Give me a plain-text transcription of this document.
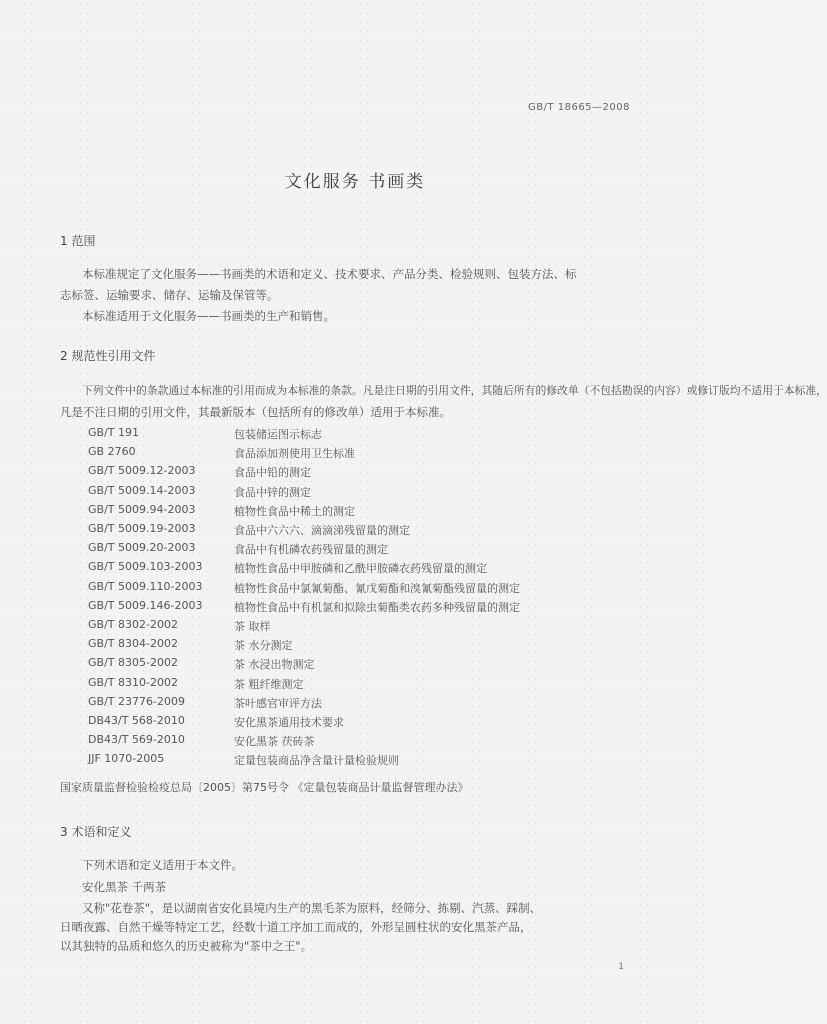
GB/T 18665—2008
文化服务 书画类
1 范围
本标准规定了文化服务——书画类的术语和定义、技术要求、产品分类、检验规则、包装方法、标
志标签、运输要求、储存、运输及保管等。
本标准适用于文化服务——书画类的生产和销售。
2 规范性引用文件
下列文件中的条款通过本标准的引用而成为本标准的条款。凡是注日期的引用文件，其随后所有的修改单（不包括勘误的内容）或修订版均不适用于本标准，
凡是不注日期的引用文件，其最新版本（包括所有的修改单）适用于本标准。
GB/T 191	包装储运图示标志
GB 2760	食品添加剂使用卫生标准
GB/T 5009.12-2003	食品中铅的测定
GB/T 5009.14-2003	食品中锌的测定
GB/T 5009.94-2003	植物性食品中稀土的测定
GB/T 5009.19-2003	食品中六六六、滴滴涕残留量的测定
GB/T 5009.20-2003	食品中有机磷农药残留量的测定
GB/T 5009.103-2003	植物性食品中甲胺磷和乙酰甲胺磷农药残留量的测定
GB/T 5009.110-2003	植物性食品中氯氰菊酯、氰戊菊酯和溴氰菊酯残留量的测定
GB/T 5009.146-2003	植物性食品中有机氯和拟除虫菊酯类农药多种残留量的测定
GB/T 8302-2002	茶 取样
GB/T 8304-2002	茶 水分测定
GB/T 8305-2002	茶 水浸出物测定
GB/T 8310-2002	茶 粗纤维测定
GB/T 23776-2009	茶叶感官审评方法
DB43/T 568-2010	安化黑茶通用技术要求
DB43/T 569-2010	安化黑茶 茯砖茶
JJF 1070-2005	定量包装商品净含量计量检验规则
国家质量监督检验检疫总局〔2005〕第75号令 《定量包装商品计量监督管理办法》
3 术语和定义
下列术语和定义适用于本文件。
安化黑茶 千两茶
又称"花卷茶"，是以湖南省安化县境内生产的黑毛茶为原料，经筛分、拣剔、汽蒸、踩制、
日晒夜露、自然干燥等特定工艺，经数十道工序加工而成的，外形呈圆柱状的安化黑茶产品，
以其独特的品质和悠久的历史被称为"茶中之王"。
1
